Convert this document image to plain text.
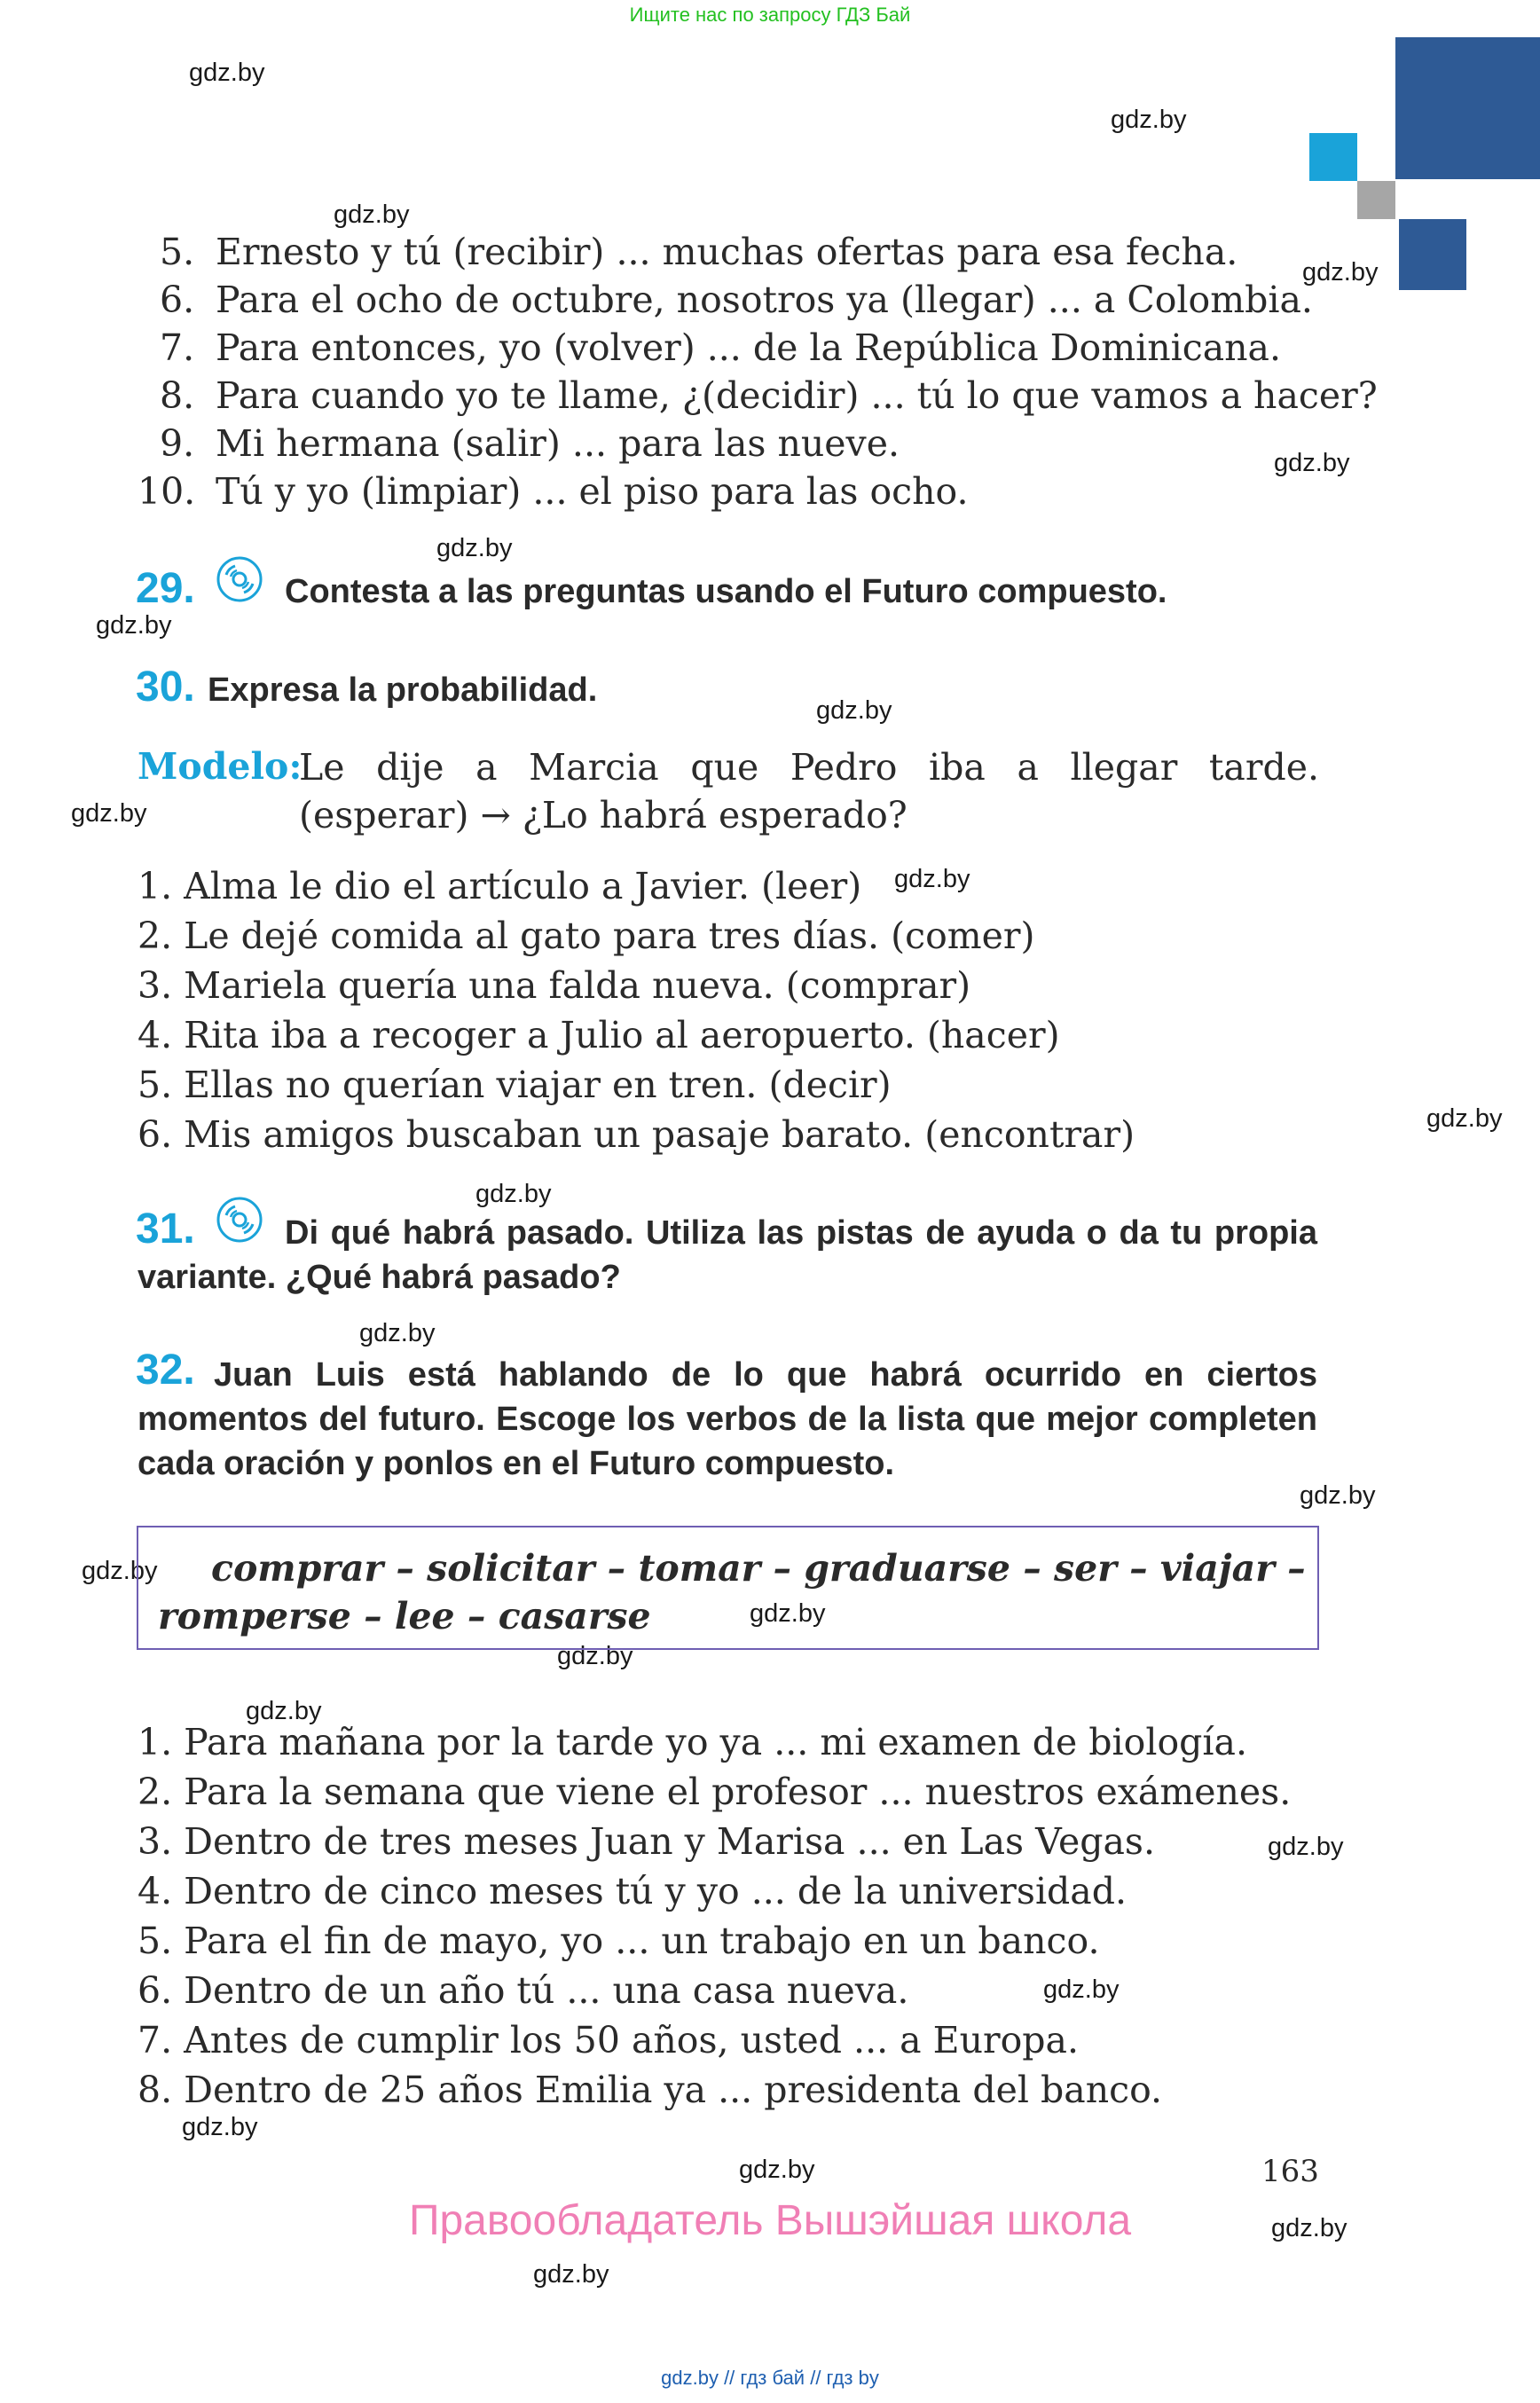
Ищите нас по запросу ГДЗ Бай
gdz.by
gdz.by
gdz.by
gdz.by
gdz.by
gdz.by
gdz.by
gdz.by
gdz.by
gdz.by
gdz.by
gdz.by
gdz.by
gdz.by
gdz.by
gdz.by
gdz.by
gdz.by
gdz.by
gdz.by
gdz.by
gdz.by
gdz.by
gdz.by
5. Ernesto y tú (recibir) ... muchas ofertas para esa fecha.
6. Para el ocho de octubre, nosotros ya (llegar) ... a Colombia.
7. Para entonces, yo (volver) ... de la República Dominicana.
8. Para cuando yo te llame, ¿(decidir) ... tú lo que vamos a hacer?
9. Mi hermana (salir) ... para las nueve.
10. Tú y yo (limpiar) ... el piso para las ocho.
29.	Contesta a las preguntas usando el Futuro compuesto.
30. Expresa la probabilidad.
Modelo:
Le dije a Marcia que Pedro iba a llegar tarde. (esperar) → ¿Lo habrá esperado?
1. Alma le dio el artículo a Javier. (leer)
2. Le dejé comida al gato para tres días. (comer)
3. Mariela quería una falda nueva. (comprar)
4. Rita iba a recoger a Julio al aeropuerto. (hacer)
5. Ellas no querían viajar en tren. (decir)
6. Mis amigos buscaban un pasaje barato. (encontrar)
31.	Di qué habrá pasado. Utiliza las pistas de ayuda o da tu propia variante. ¿Qué habrá pasado?
32. Juan Luis está hablando de lo que habrá ocurrido en ciertos momentos del futuro. Escoge los verbos de la lista que mejor completen cada oración y ponlos en el Futuro compuesto.
comprar – solicitar – tomar – graduarse – ser – viajar –
romperse – lee – casarse
1. Para mañana por la tarde yo ya ... mi examen de biología.
2. Para la semana que viene el profesor ... nuestros exámenes.
3. Dentro de tres meses Juan y Marisa ... en Las Vegas.
4. Dentro de cinco meses tú y yo ... de la universidad.
5. Para el fin de mayo, yo ... un trabajo en un banco.
6. Dentro de un año tú ... una casa nueva.
7. Antes de cumplir los 50 años, usted ... a Europa.
8. Dentro de 25 años Emilia ya ... presidenta del banco.
163
Правообладатель Вышэйшая школа
gdz.by // гдз бай // гдз by
